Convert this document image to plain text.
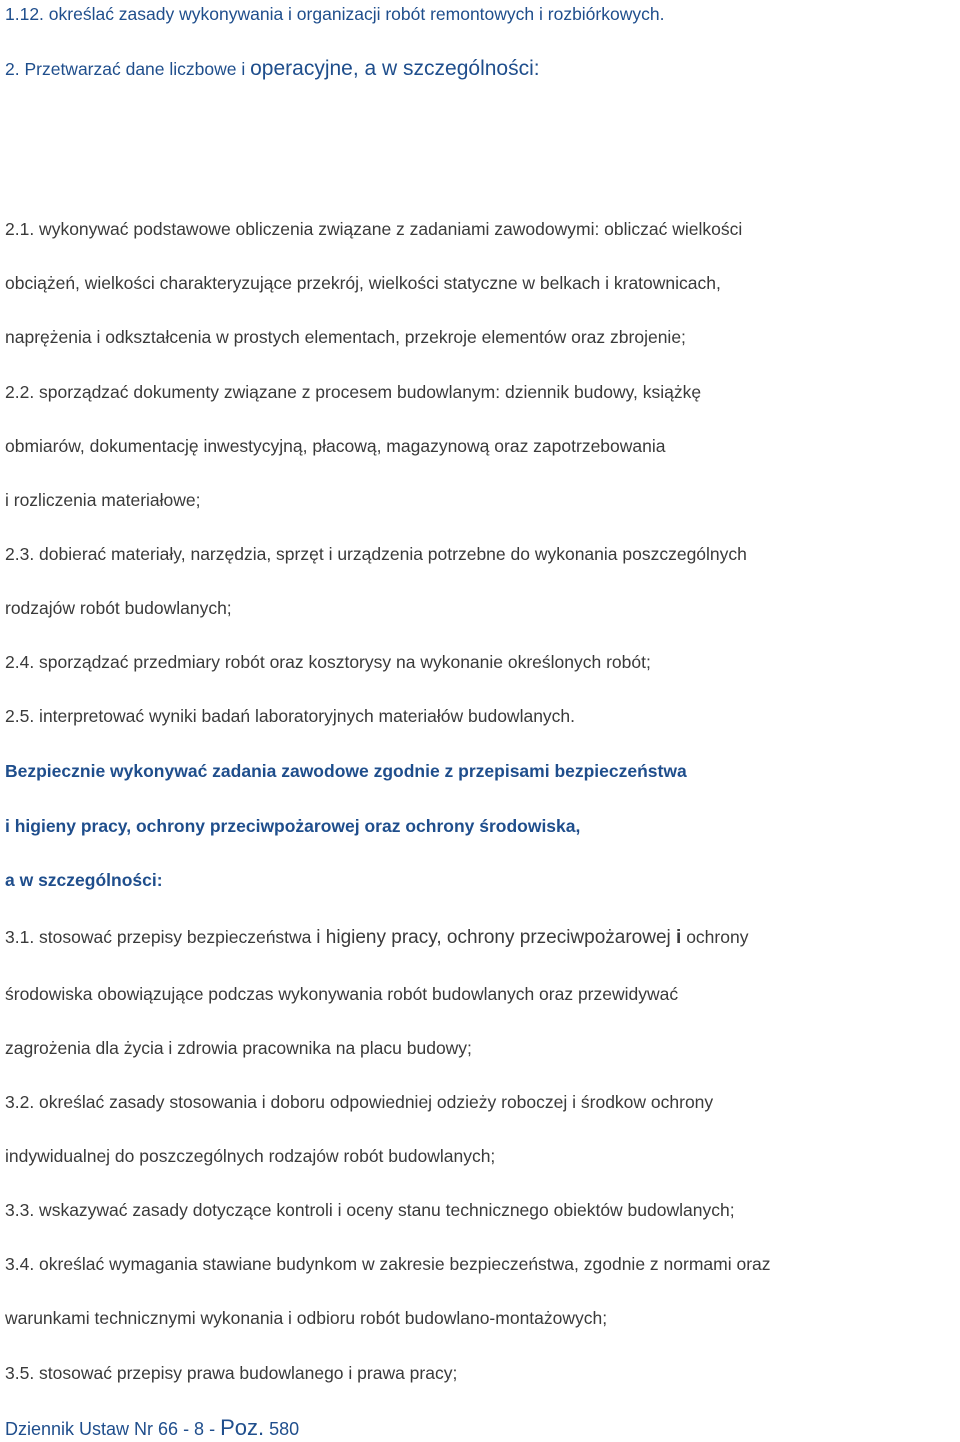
1.12. określać zasady wykonywania i organizacji robót remontowych i rozbiórkowych.
2. Przetwarzać dane liczbowe i operacyjne, a w szczególności:
2.1. wykonywać podstawowe obliczenia związane z zadaniami zawodowymi: obliczać wielkości
obciążeń, wielkości charakteryzujące przekrój, wielkości statyczne w belkach i kratownicach,
naprężenia i odkształcenia w prostych elementach, przekroje elementów oraz zbrojenie;
2.2. sporządzać dokumenty związane z procesem budowlanym: dziennik budowy, książkę
obmiarów, dokumentację inwestycyjną, płacową, magazynową oraz zapotrzebowania
i rozliczenia materiałowe;
2.3. dobierać materiały, narzędzia, sprzęt i urządzenia potrzebne do wykonania poszczególnych
rodzajów robót budowlanych;
2.4. sporządzać przedmiary robót oraz kosztorysy na wykonanie określonych robót;
2.5. interpretować wyniki badań laboratoryjnych materiałów budowlanych.
Bezpiecznie wykonywać zadania zawodowe zgodnie z przepisami bezpieczeństwa
i higieny pracy, ochrony przeciwpożarowej oraz ochrony środowiska,
a w szczególności:
3.1. stosować przepisy bezpieczeństwa i higieny pracy, ochrony przeciwpożarowej i ochrony
środowiska obowiązujące podczas wykonywania robót budowlanych oraz przewidywać
zagrożenia dla życia i zdrowia pracownika na placu budowy;
3.2. określać zasady stosowania i doboru odpowiedniej odzieży roboczej i środkow ochrony
indywidualnej do poszczególnych rodzajów robót budowlanych;
3.3. wskazywać zasady dotyczące kontroli i oceny stanu technicznego obiektów budowlanych;
3.4. określać wymagania stawiane budynkom w zakresie bezpieczeństwa, zgodnie z normami oraz
warunkami technicznymi wykonania i odbioru robót budowlano-montażowych;
3.5. stosować przepisy prawa budowlanego i prawa pracy;
Dziennik Ustaw Nr 66 - 8 - Poz. 580
